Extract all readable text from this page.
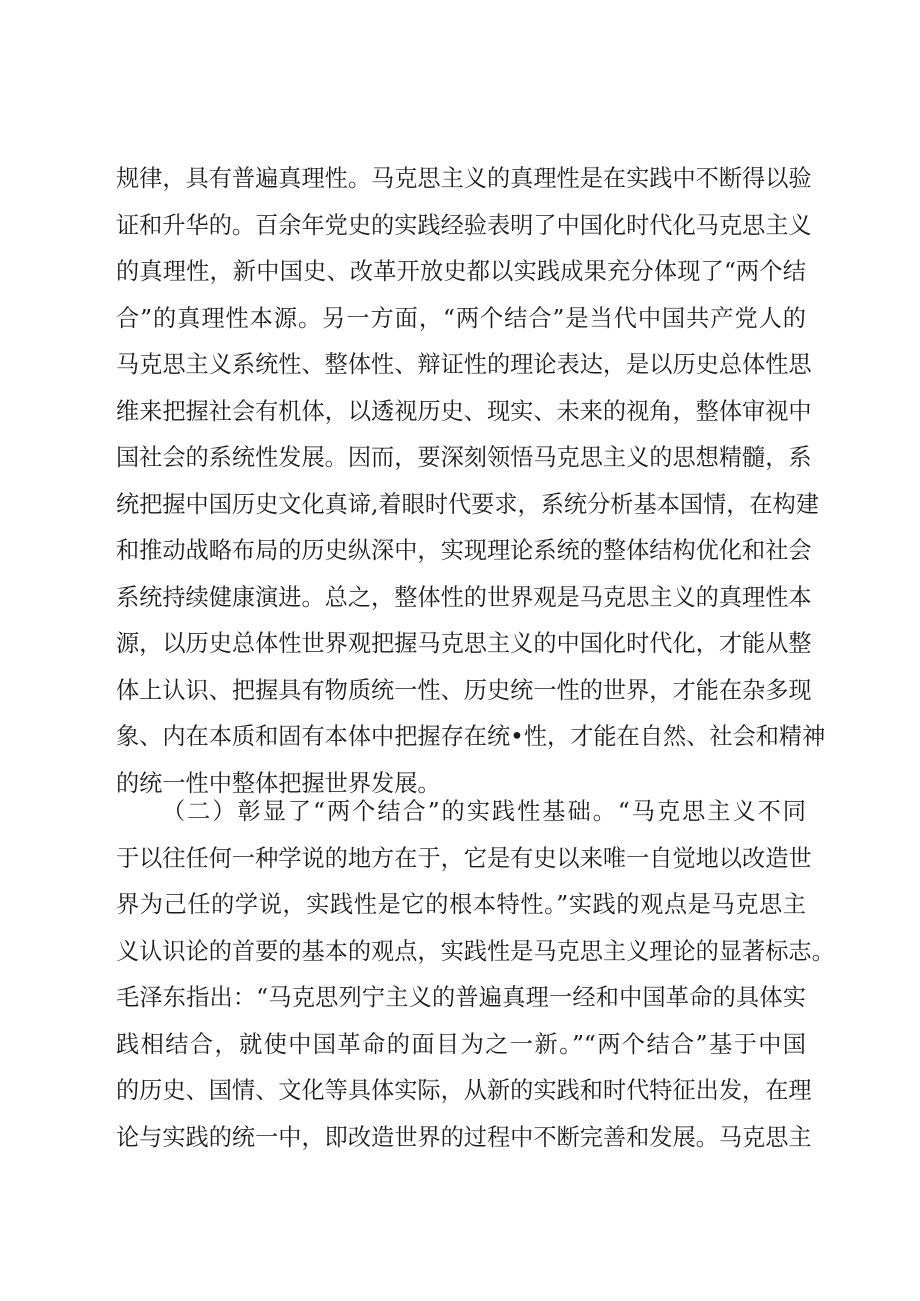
规律，具有普遍真理性。马克思主义的真理性是在实践中不断得以验
证和升华的。百余年党史的实践经验表明了中国化时代化马克思主义
的真理性，新中国史、改革开放史都以实践成果充分体现了“两个结
合”的真理性本源。另一方面，“两个结合”是当代中国共产党人的
马克思主义系统性、整体性、辩证性的理论表达，是以历史总体性思
维来把握社会有机体，以透视历史、现实、未来的视角，整体审视中
国社会的系统性发展。因而，要深刻领悟马克思主义的思想精髓，系
统把握中国历史文化真谛,着眼时代要求，系统分析基本国情，在构建
和推动战略布局的历史纵深中，实现理论系统的整体结构优化和社会
系统持续健康演进。总之，整体性的世界观是马克思主义的真理性本
源，以历史总体性世界观把握马克思主义的中国化时代化，才能从整
体上认识、把握具有物质统一性、历史统一性的世界，才能在杂多现
象、内在本质和固有本体中把握存在统•性，才能在自然、社会和精神
的统一性中整体把握世界发展。
（二）彰显了“两个结合”的实践性基础。“马克思主义不同
于以往任何一种学说的地方在于，它是有史以来唯一自觉地以改造世
界为己任的学说，实践性是它的根本特性。”实践的观点是马克思主
义认识论的首要的基本的观点，实践性是马克思主义理论的显著标志。
毛泽东指出：“马克思列宁主义的普遍真理一经和中国革命的具体实
践相结合，就使中国革命的面目为之一新。”“两个结合”基于中国
的历史、国情、文化等具体实际，从新的实践和时代特征出发，在理
论与实践的统一中，即改造世界的过程中不断完善和发展。马克思主
